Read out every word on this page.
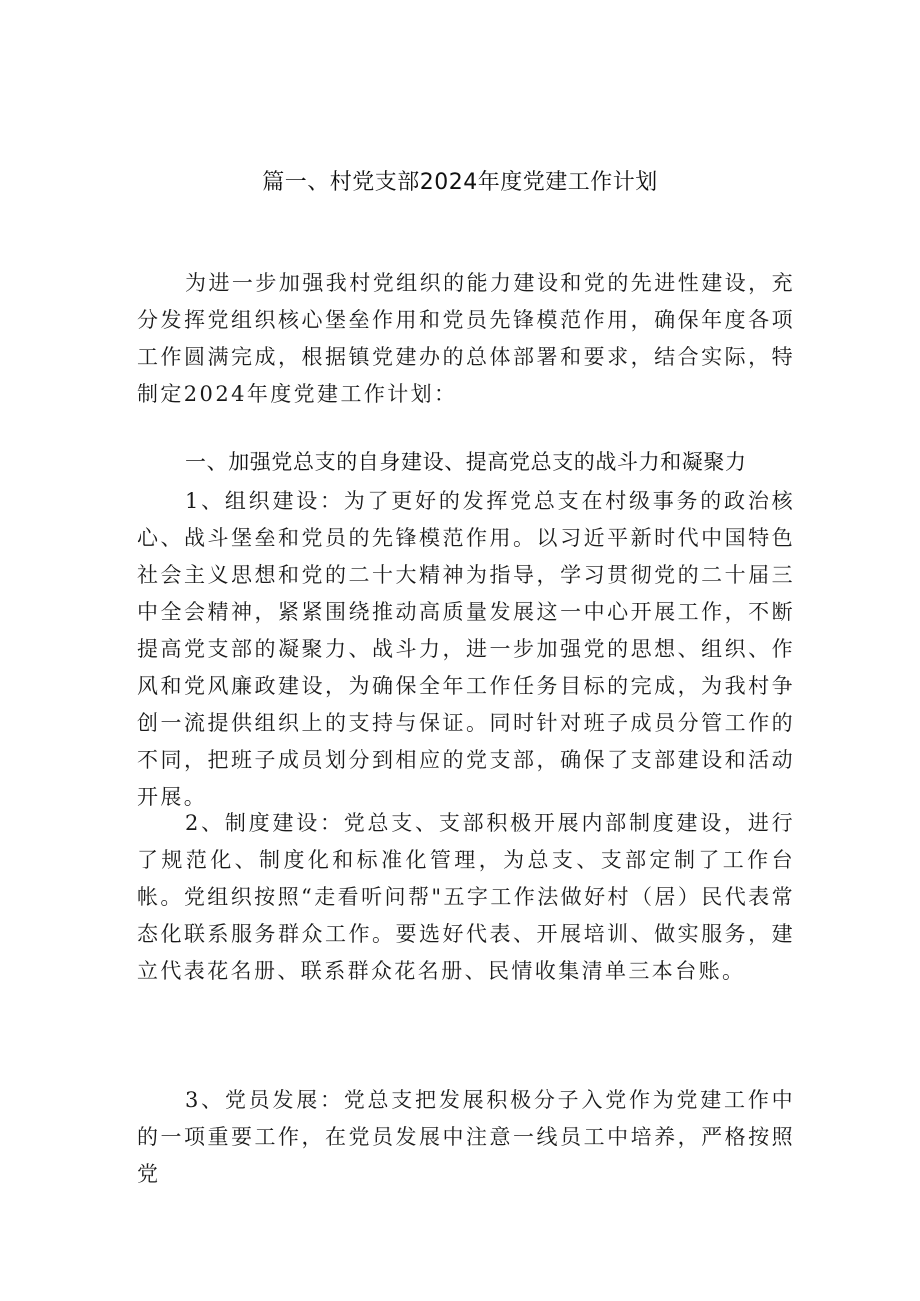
篇一、村党支部2024年度党建工作计划

为进一步加强我村党组织的能力建设和党的先进性建设，充分发挥党组织核心堡垒作用和党员先锋模范作用，确保年度各项工作圆满完成，根据镇党建办的总体部署和要求，结合实际，特制定2024年度党建工作计划：

一、加强党总支的自身建设、提高党总支的战斗力和凝聚力

1、组织建设：为了更好的发挥党总支在村级事务的政治核心、战斗堡垒和党员的先锋模范作用。以习近平新时代中国特色社会主义思想和党的二十大精神为指导，学习贯彻党的二十届三中全会精神，紧紧围绕推动高质量发展这一中心开展工作，不断提高党支部的凝聚力、战斗力，进一步加强党的思想、组织、作风和党风廉政建设，为确保全年工作任务目标的完成，为我村争创一流提供组织上的支持与保证。同时针对班子成员分管工作的不同，把班子成员划分到相应的党支部，确保了支部建设和活动开展。

2、制度建设：党总支、支部积极开展内部制度建设，进行了规范化、制度化和标准化管理，为总支、支部定制了工作台帐。党组织按照“走看听问帮"五字工作法做好村（居）民代表常态化联系服务群众工作。要选好代表、开展培训、做实服务，建立代表花名册、联系群众花名册、民情收集清单三本台账。

3、党员发展：党总支把发展积极分子入党作为党建工作中的一项重要工作，在党员发展中注意一线员工中培养，严格按照党
